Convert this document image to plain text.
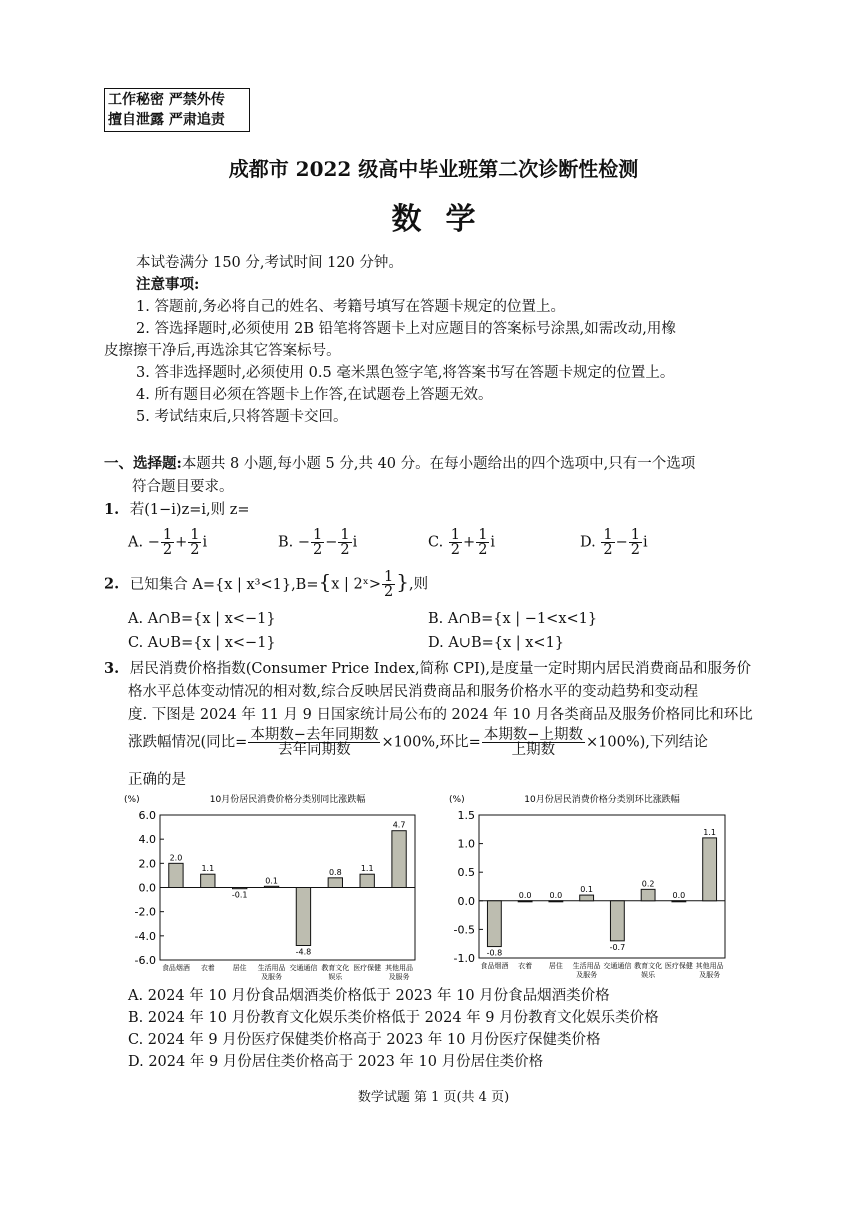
工作秘密 严禁外传
擅自泄露 严肃追责
成都市 2022 级高中毕业班第二次诊断性检测
数学
本试卷满分 150 分,考试时间 120 分钟。
注意事项:
1. 答题前,务必将自己的姓名、考籍号填写在答题卡规定的位置上。
2. 答选择题时,必须使用 2B 铅笔将答题卡上对应题目的答案标号涂黑,如需改动,用橡
皮擦擦干净后,再选涂其它答案标号。
3. 答非选择题时,必须使用 0.5 毫米黑色签字笔,将答案书写在答题卡规定的位置上。
4. 所有题目必须在答题卡上作答,在试题卷上答题无效。
5. 考试结束后,只将答题卡交回。
一、选择题:本题共 8 小题,每小题 5 分,共 40 分。在每小题给出的四个选项中,只有一个选项
符合题目要求。
1. 若(1−i)z=i,则 z=
A. − $\frac{1}{2} + \frac{1}{2}$ i	B. − $\frac{1}{2} - \frac{1}{2}$ i	C. $\frac{1}{2} + \frac{1}{2}$ i	D. $\frac{1}{2} - \frac{1}{2}$ i
2. 已知集合 A={x | x³<1},B={x | 2ˣ> $\frac{1}{2}$ },则
A. A∩B={x | x<−1}	B. A∩B={x | −1<x<1}
C. A∪B={x | x<−1}	D. A∪B={x | x<1}
3. 居民消费价格指数(Consumer Price Index,简称 CPI),是度量一定时期内居民消费商品和服务价
格水平总体变动情况的相对数,综合反映居民消费商品和服务价格水平的变动趋势和变动程
度. 下图是 2024 年 11 月 9 日国家统计局公布的 2024 年 10 月各类商品及服务价格同比和环比
涨跌幅情况(同比= $\frac{\text{本期数−去年同期数}}{\text{去年同期数}} \times 100\%$,环比= $\frac{\text{本期数−上期数}}{\text{上期数}} \times 100\%$),下列结论
正确的是
(%)	10月份居民消费价格分类别同比涨跌幅
6.0
4.0
2.0
0.0
-2.0
-4.0
-6.0
2.0
食品烟酒
1.1
衣着
-0.1
居住
0.1
生活用品
及服务
-4.8
交通通信
0.8
教育文化
娱乐
1.1
医疗保健
4.7
其他用品
及服务
(%)	10月份居民消费价格分类别环比涨跌幅
1.5
1.0
0.5
0.0
-0.5
-1.0 -0.8
食品烟酒
0.0
衣着
0.0
居住
0.1
生活用品
及服务
-0.7
交通通信
0.2
教育文化
娱乐
0.0
医疗保健
1.1
其他用品
及服务
A. 2024 年 10 月份食品烟酒类价格低于 2023 年 10 月份食品烟酒类价格
B. 2024 年 10 月份教育文化娱乐类价格低于 2024 年 9 月份教育文化娱乐类价格
C. 2024 年 9 月份医疗保健类价格高于 2023 年 10 月份医疗保健类价格
D. 2024 年 9 月份居住类价格高于 2023 年 10 月份居住类价格
数学试题 第 1 页(共 4 页)
